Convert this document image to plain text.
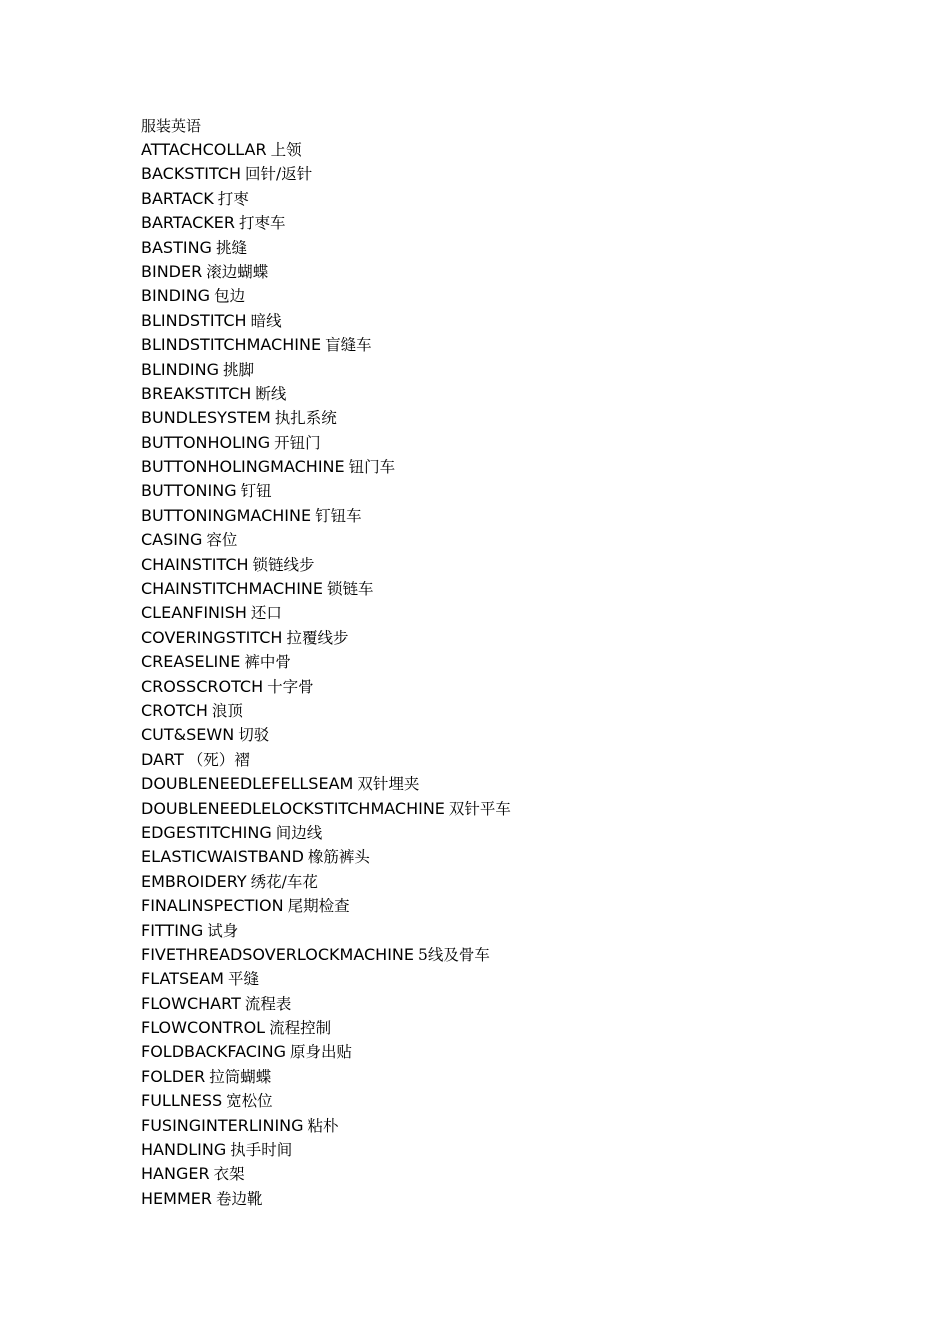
服装英语
ATTACHCOLLAR 上领
BACKSTITCH 回针/返针
BARTACK 打枣
BARTACKER 打枣车
BASTING 挑缝
BINDER 滚边蝴蝶
BINDING 包边
BLINDSTITCH 暗线
BLINDSTITCHMACHINE 盲缝车
BLINDING 挑脚
BREAKSTITCH 断线
BUNDLESYSTEM 执扎系统
BUTTONHOLING 开钮门
BUTTONHOLINGMACHINE 钮门车
BUTTONING 钉钮
BUTTONINGMACHINE 钉钮车
CASING 容位
CHAINSTITCH 锁链线步
CHAINSTITCHMACHINE 锁链车
CLEANFINISH 还口
COVERINGSTITCH 拉覆线步
CREASELINE 裤中骨
CROSSCROTCH 十字骨
CROTCH 浪顶
CUT&SEWN 切驳
DART （死）褶
DOUBLENEEDLEFELLSEAM 双针埋夹
DOUBLENEEDLELOCKSTITCHMACHINE 双针平车
EDGESTITCHING 间边线
ELASTICWAISTBAND 橡筋裤头
EMBROIDERY 绣花/车花
FINALINSPECTION 尾期检查
FITTING 试身
FIVETHREADSOVERLOCKMACHINE 5线及骨车
FLATSEAM 平缝
FLOWCHART 流程表
FLOWCONTROL 流程控制
FOLDBACKFACING 原身出贴
FOLDER 拉筒蝴蝶
FULLNESS 宽松位
FUSINGINTERLINING 粘朴
HANDLING 执手时间
HANGER 衣架
HEMMER 卷边靴
